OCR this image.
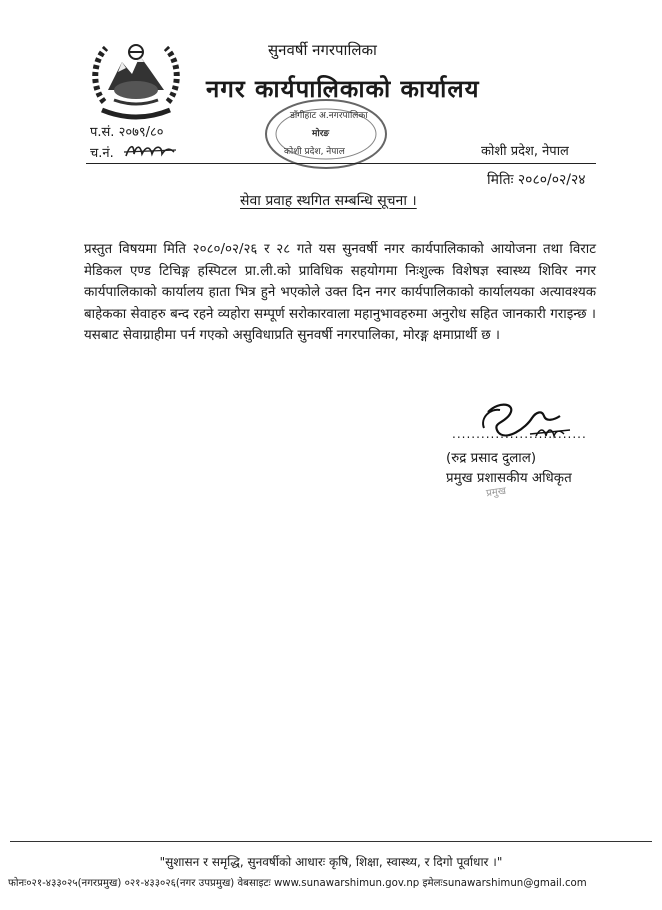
सुनवर्षी नगरपालिका
नगर कार्यपालिकाको कार्यालय
डाँगीहाट अ.नगरपालिका
मोरङ
कोशी प्रदेश, नेपाल
प.सं. २०७९/८०
च.नं.	कोशी प्रदेश, नेपाल
मितिः २०८०/०२/२४
सेवा प्रवाह स्थगित सम्बन्धि सूचना ।
प्रस्तुत विषयमा मिति २०८०/०२/२६ र २८ गते यस सुनवर्षी नगर कार्यपालिकाको आयोजना तथा विराट मेडिकल एण्ड टिचिङ्ग हस्पिटल प्रा.ली.को प्राविधिक सहयोगमा निःशुल्क विशेषज्ञ स्वास्थ्य शिविर नगर कार्यपालिकाको कार्यालय हाता भित्र हुने भएकोले उक्त दिन नगर कार्यपालिकाको कार्यालयका अत्यावश्यक बाहेकका सेवाहरु बन्द रहने व्यहोरा सम्पूर्ण सरोकारवाला महानुभावहरुमा अनुरोध सहित जानकारी गराइन्छ । यसबाट सेवाग्राहीमा पर्न गएको असुविधाप्रति सुनवर्षी नगरपालिका, मोरङ्ग क्षमाप्रार्थी छ ।
............................
(रुद्र प्रसाद दुलाल)
प्रमुख प्रशासकीय अधिकृत
प्रमुख
"सुशासन र समृद्धि, सुनवर्षीको आधारः कृषि, शिक्षा, स्वास्थ्य, र दिगो पूर्वाधार ।"
फोनः०२१-४३३०२५(नगरप्रमुख) ०२१-४३३०२६(नगर उपप्रमुख) वेबसाइटः www.sunawarshimun.gov.np इमेलःsunawarshimun@gmail.com
